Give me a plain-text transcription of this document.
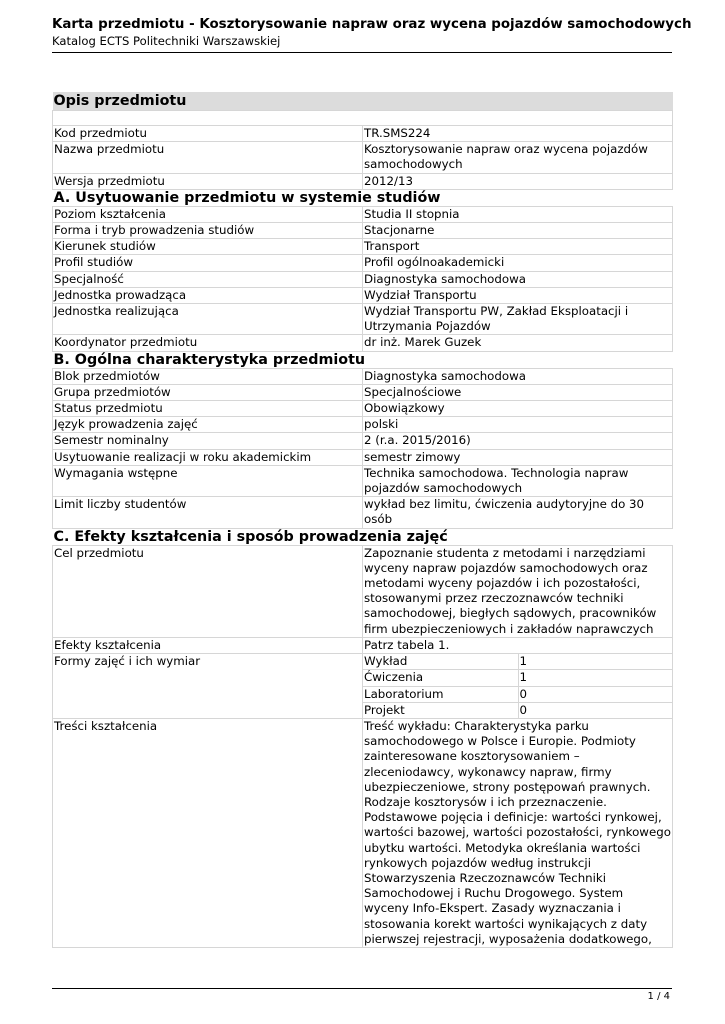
Karta przedmiotu - Kosztorysowanie napraw oraz wycena pojazdów samochodowych
Katalog ECTS Politechniki Warszawskiej
Opis przedmiotu

Kod przedmiotu	TR.SMS224
Nazwa przedmiotu	Kosztorysowanie napraw oraz wycena pojazdów samochodowych
Wersja przedmiotu	2012/13
A. Usytuowanie przedmiotu w systemie studiów
Poziom kształcenia	Studia II stopnia
Forma i tryb prowadzenia studiów	Stacjonarne
Kierunek studiów	Transport
Profil studiów	Profil ogólnoakademicki
Specjalność	Diagnostyka samochodowa
Jednostka prowadząca	Wydział Transportu
Jednostka realizująca	Wydział Transportu PW, Zakład Eksploatacji i Utrzymania Pojazdów
Koordynator przedmiotu	dr inż. Marek Guzek
B. Ogólna charakterystyka przedmiotu
Blok przedmiotów	Diagnostyka samochodowa
Grupa przedmiotów	Specjalnościowe
Status przedmiotu	Obowiązkowy
Język prowadzenia zajęć	polski
Semestr nominalny	2 (r.a. 2015/2016)
Usytuowanie realizacji w roku akademickim	semestr zimowy
Wymagania wstępne	Technika samochodowa. Technologia napraw pojazdów samochodowych
Limit liczby studentów	wykład bez limitu, ćwiczenia audytoryjne do 30 osób
C. Efekty kształcenia i sposób prowadzenia zajęć
Cel przedmiotu	Zapoznanie studenta z metodami i narzędziami wyceny napraw pojazdów samochodowych oraz metodami wyceny pojazdów i ich pozostałości, stosowanymi przez rzeczoznawców techniki samochodowej, biegłych sądowych, pracowników firm ubezpieczeniowych i zakładów naprawczych
Efekty kształcenia	Patrz tabela 1.
Formy zajęć i ich wymiar		Wykład	1
Ćwiczenia	1
Laboratorium	0
Projekt	0

Treści kształcenia	Treść wykładu: Charakterystyka parku samochodowego w Polsce i Europie. Podmioty zainteresowane kosztorysowaniem – zleceniodawcy, wykonawcy napraw, firmy ubezpieczeniowe, strony postępowań prawnych. Rodzaje kosztorysów i ich przeznaczenie. Podstawowe pojęcia i definicje: wartości rynkowej, wartości bazowej, wartości pozostałości, rynkowego ubytku wartości. Metodyka określania wartości rynkowych pojazdów według instrukcji Stowarzyszenia Rzeczoznawców Techniki Samochodowej i Ruchu Drogowego. System wyceny Info-Ekspert. Zasady wyznaczania i stosowania korekt wartości wynikających z daty pierwszej rejestracji, wyposażenia dodatkowego,
1 / 4
